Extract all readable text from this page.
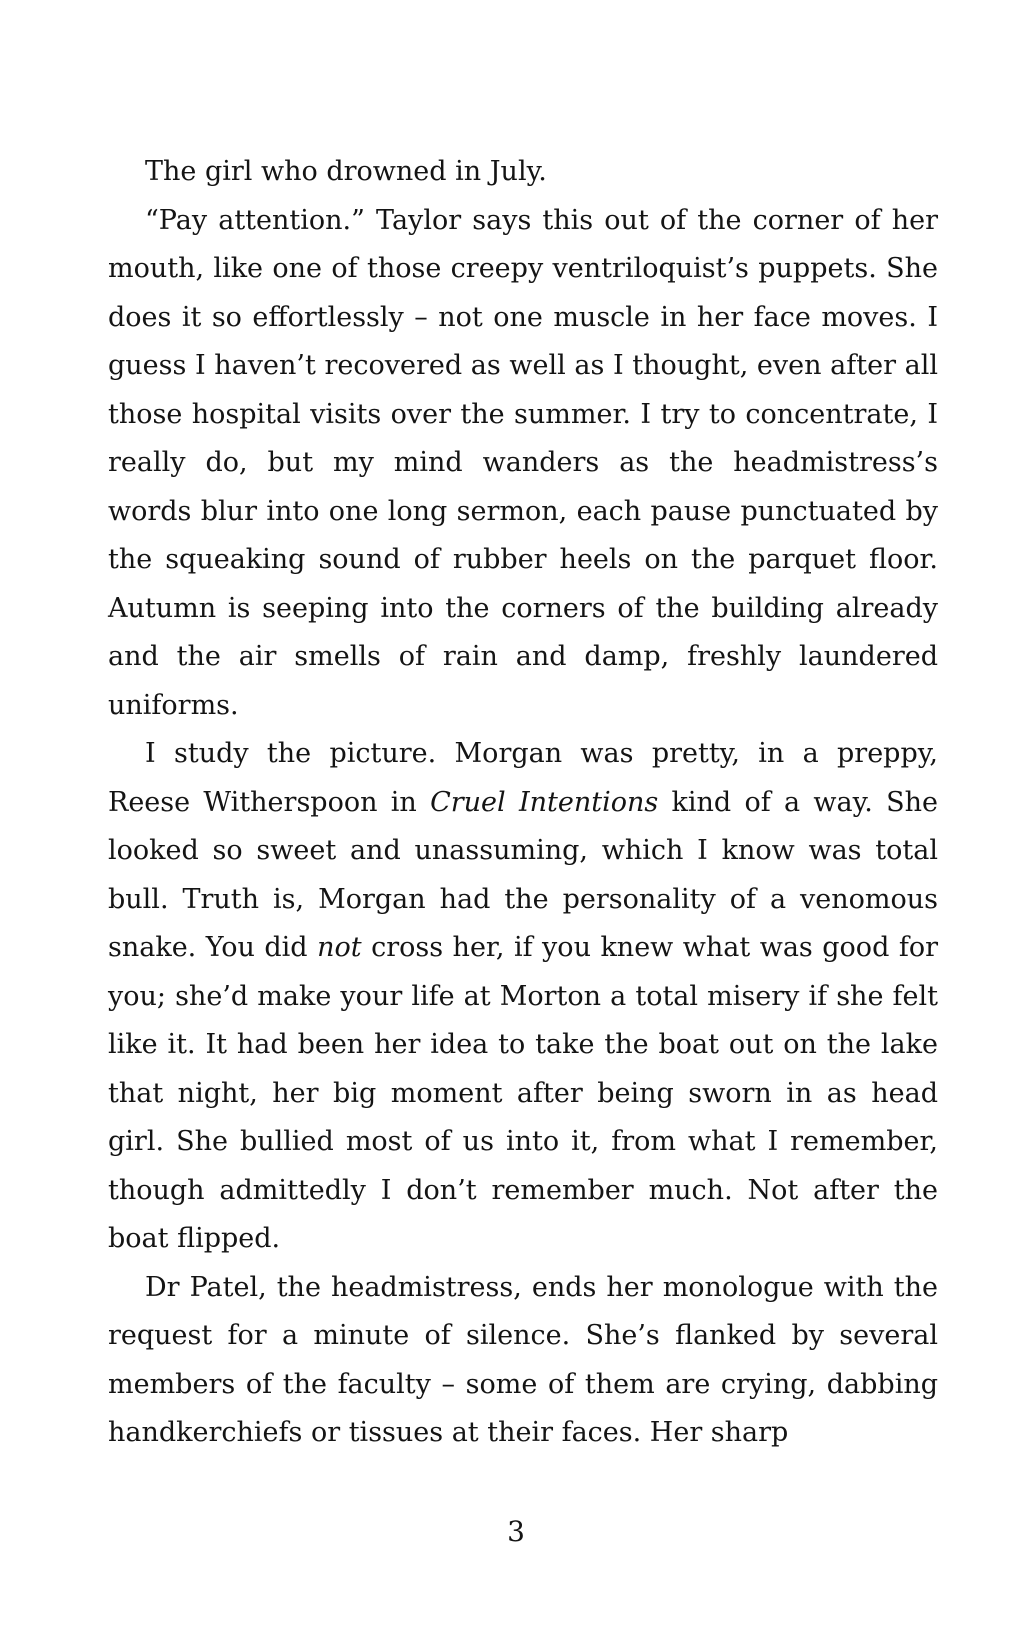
The girl who drowned in July.

“Pay attention.” Taylor says this out of the corner of her mouth, like one of those creepy ventriloquist’s puppets. She does it so effortlessly – not one muscle in her face moves. I guess I haven’t recovered as well as I thought, even after all those hospital visits over the summer. I try to concentrate, I really do, but my mind wanders as the headmistress’s words blur into one long sermon, each pause punctuated by the squeaking sound of rubber heels on the parquet floor. Autumn is seeping into the corners of the building already and the air smells of rain and damp, freshly laundered uniforms.

I study the picture. Morgan was pretty, in a preppy, Reese Witherspoon in Cruel Intentions kind of a way. She looked so sweet and unassuming, which I know was total bull. Truth is, Morgan had the personality of a venomous snake. You did not cross her, if you knew what was good for you; she’d make your life at Morton a total misery if she felt like it. It had been her idea to take the boat out on the lake that night, her big moment after being sworn in as head girl. She bullied most of us into it, from what I remember, though admittedly I don’t remember much. Not after the boat flipped.

Dr Patel, the headmistress, ends her monologue with the request for a minute of silence. She’s flanked by several members of the faculty – some of them are crying, dabbing handkerchiefs or tissues at their faces. Her sharp

3
